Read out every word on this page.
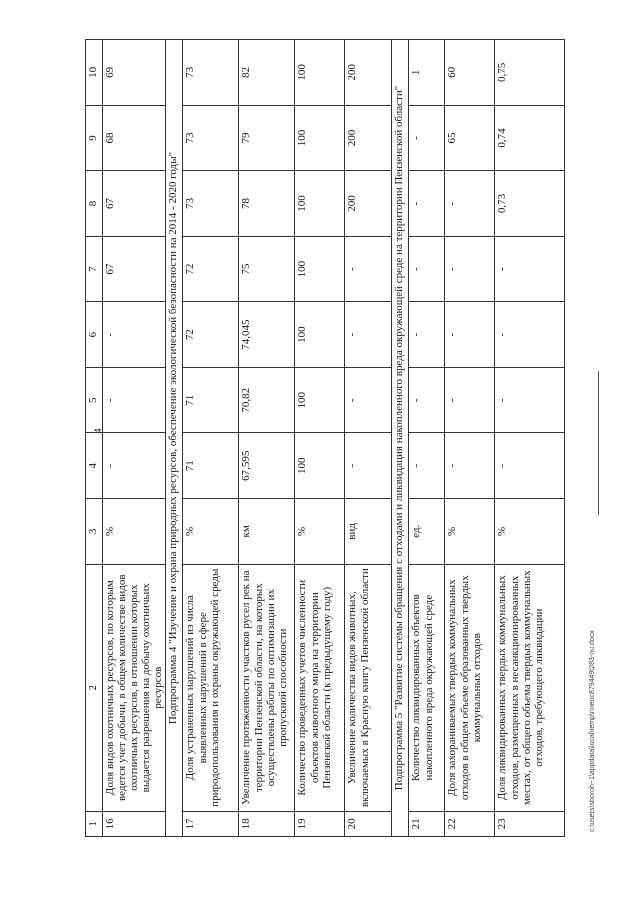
4
1	2	3	4	5	6	7	8	9	10
16	Доля видов охотничьих ресурсов, по которым ведется учет добычи, в общем количестве видов охотничьих ресурсов, в отношении которых выдается разрешения на добычу охотничьих ресурсов	%	-	-	-	67	67	68	69
Подпрограмма 4 "Изучение и охрана природных ресурсов, обеспечение экологической безопасности на 2014 - 2020 годы"									
17	Доля устраненных нарушений из числа выявленных нарушений в сфере природопользования и охраны окружающей среды	%	71	71	72	72	73	73	73
18	Увеличение протяженности участков русел рек на территории Пензенской области, на которых осуществлены работы по оптимизации их пропускной способности	км	67,595	70,82	74,045	75	78	79	82
19	Количество проведенных учетов численности объектов животного мира на территории Пензенской области (к предыдущему году)	%	100	100	100	100	100	100	100
20	Увеличение количества видов животных, включаемых в Красную книгу Пензенской области	вид	-	-	-	-	200	200	200
Подпрограмма 5 "Развитие системы обращения с отходами и ликвидация накопленного вреда окружающей среде на территории Пензенской области"									
21	Количество ликвидированных объектов накопленного вреда окружающей среде	ед.	-	-	-	-	-	-	1
22	Доля захораниваемых твердых коммунальных отходов в общем объеме образованных твердых коммунальных отходов	%	-	-	-	-	-	65	60
23	Доля ликвидированных твердых коммунальных отходов, размещенных в несанкционированных местах, от общего объема твердых коммунальных отходов, требующего ликвидации	%	-	-	-	-	0,73	0,74	0,75
c:\users\sboroh~1\appdata\local\temp\noeoc879449t283-nu.docx
